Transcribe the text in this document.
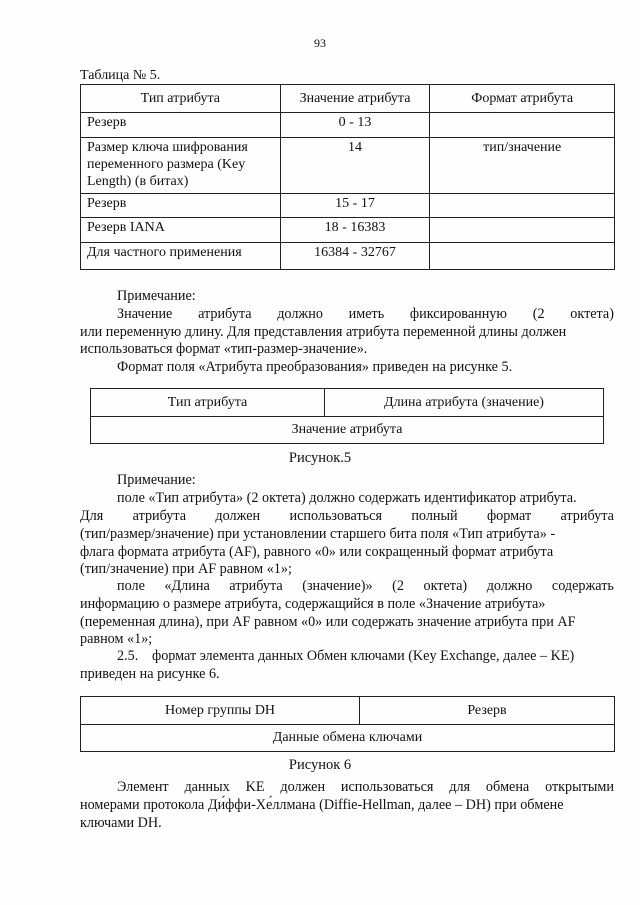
93
Таблица № 5.
Тип атрибута	Значение атрибута	Формат атрибута
Резерв	0 - 13	
Размер ключа шифрования переменного размера (Key Length) (в битах)	14	тип/значение
Резерв	15 - 17	
Резерв IANA	18 - 16383	
Для частного применения	16384 - 32767	
Примечание:
Значение атрибута должно иметь фиксированную (2 октета)
или переменную длину. Для представления атрибута переменной длины должен
использоваться формат «тип-размер-значение».
Формат поля «Атрибута преобразования» приведен на рисунке 5.
Тип атрибута	Длина атрибута (значение)
Значение атрибута
Рисунок.5
Примечание:
поле «Тип атрибута» (2 октета) должно содержать идентификатор атрибута.
Для атрибута должен использоваться полный формат атрибута
(тип/размер/значение) при установлении старшего бита поля «Тип атрибута» -
флага формата атрибута (AF), равного «0» или сокращенный формат атрибута
(тип/значение) при AF равном «1»;
поле «Длина атрибута (значение)» (2 октета) должно содержать
информацию о размере атрибута, содержащийся в поле «Значение атрибута»
(переменная длина), при AF равном «0» или содержать значение атрибута при AF
равном «1»;
2.5. формат элемента данных Обмен ключами (Key Exchange, далее – KE)
приведен на рисунке 6.
Номер группы DH	Резерв
Данные обмена ключами
Рисунок 6
Элемент данных KE должен использоваться для обмена открытыми
номерами протокола Ди́ффи-Хе́ллмана (Diffie-Hellman, далее – DH) при обмене
ключами DH.
